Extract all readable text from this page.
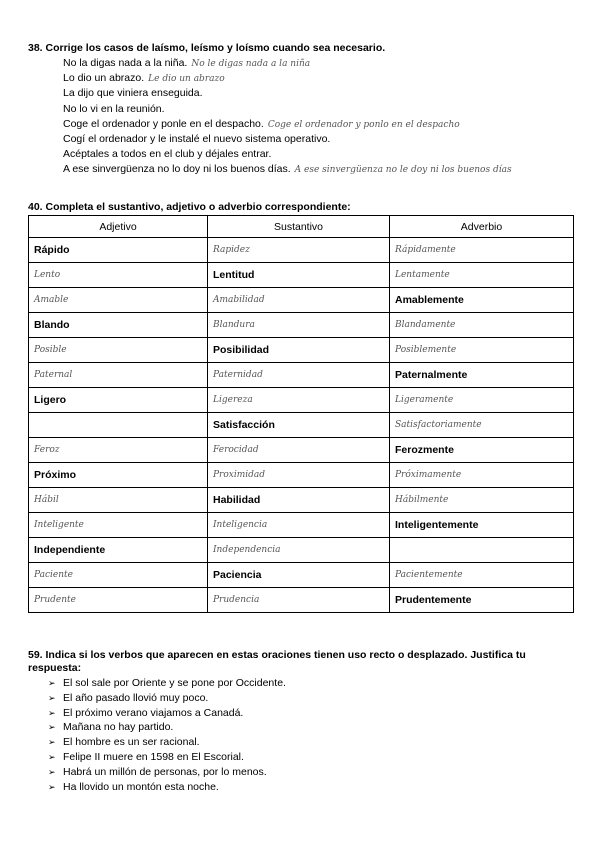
38. Corrige los casos de laísmo, leísmo y loísmo cuando sea necesario.
No la digas nada a la niña. No le digas nada a la niña
Lo dio un abrazo. Le dio un abrazo
La dijo que viniera enseguida.
No lo vi en la reunión.
Coge el ordenador y ponle en el despacho. Coge el ordenador y ponlo en el despacho
Cogí el ordenador y le instalé el nuevo sistema operativo.
Acéptales a todos en el club y déjales entrar.
A ese sinvergüenza no lo doy ni los buenos días. A ese sinvergüenza no le doy ni los buenos días
40. Completa el sustantivo, adjetivo o adverbio correspondiente:
Adjetivo	Sustantivo	Adverbio
Rápido	Rapidez	Rápidamente
Lento	Lentitud	Lentamente
Amable	Amabilidad	Amablemente
Blando	Blandura	Blandamente
Posible	Posibilidad	Posiblemente
Paternal	Paternidad	Paternalmente
Ligero	Ligereza	Ligeramente
	Satisfacción	Satisfactoriamente
Feroz	Ferocidad	Ferozmente
Próximo	Proximidad	Próximamente
Hábil	Habilidad	Hábilmente
Inteligente	Inteligencia	Inteligentemente
Independiente	Independencia	
Paciente	Paciencia	Pacientemente
Prudente	Prudencia	Prudentemente
59. Indica si los verbos que aparecen en estas oraciones tienen uso recto o desplazado. Justifica tu respuesta:
➢ El sol sale por Oriente y se pone por Occidente.
➢ El año pasado llovió muy poco.
➢ El próximo verano viajamos a Canadá.
➢ Mañana no hay partido.
➢ El hombre es un ser racional.
➢ Felipe II muere en 1598 en El Escorial.
➢ Habrá un millón de personas, por lo menos.
➢ Ha llovido un montón esta noche.
